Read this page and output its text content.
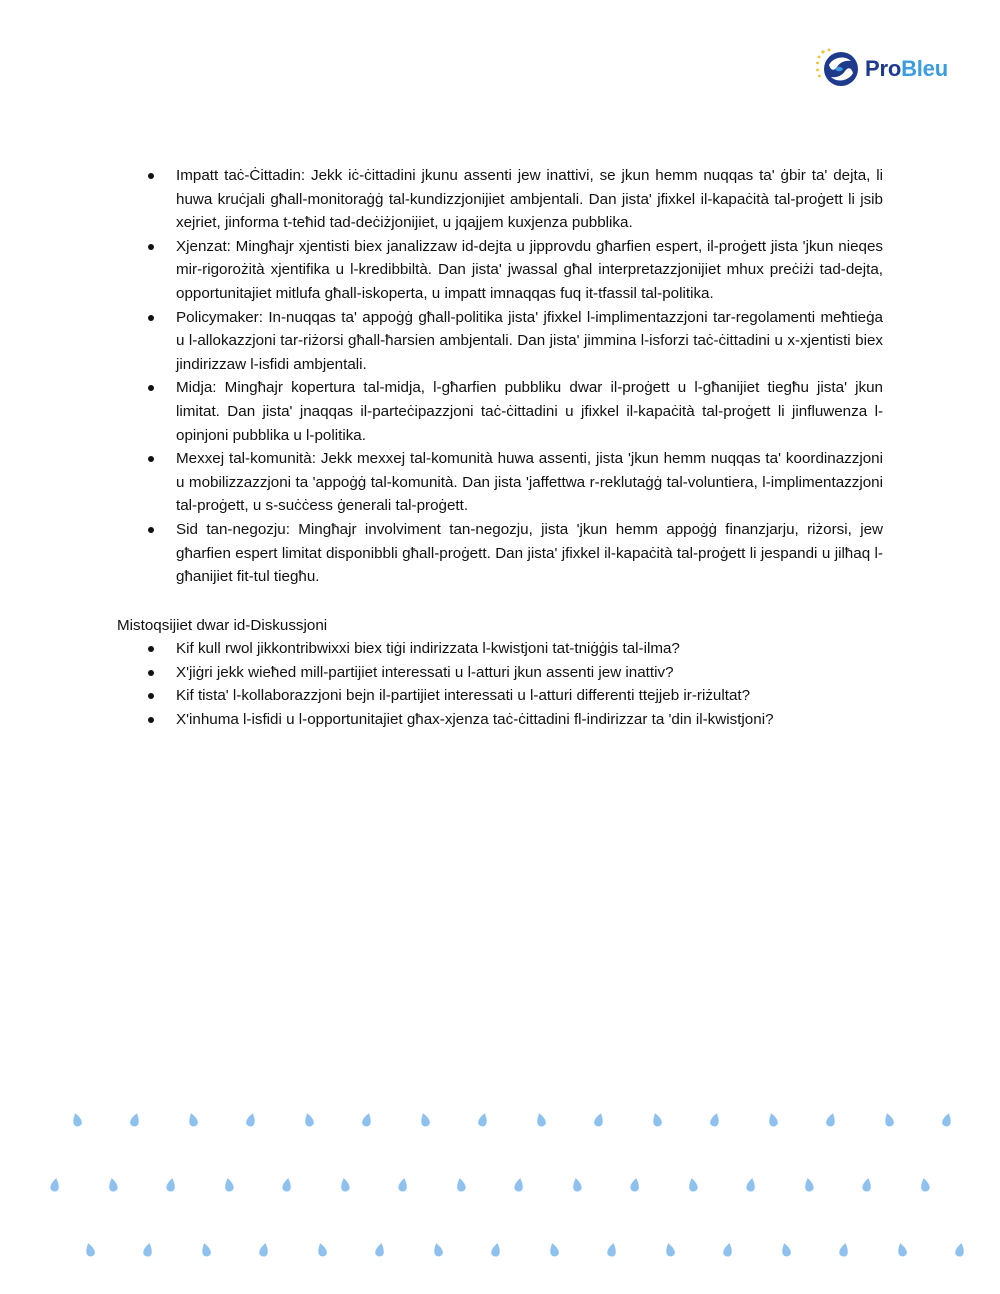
ProBleu
Impatt taċ-Ċittadin: Jekk iċ-ċittadini jkunu assenti jew inattivi, se jkun hemm nuqqas ta' ġbir ta' dejta, li huwa kruċjali għall-monitoraġġ tal-kundizzjonijiet ambjentali. Dan jista' jfixkel il-kapaċità tal-proġett li jsib xejriet, jinforma t-teħid tad-deċiżjonijiet, u jqajjem kuxjenza pubblika.
Xjenzat: Mingħajr xjentisti biex janalizzaw id-dejta u jipprovdu għarfien espert, il-proġett jista 'jkun nieqes mir-rigorożità xjentifika u l-kredibbiltà. Dan jista' jwassal għal interpretazzjonijiet mhux preċiżi tad-dejta, opportunitajiet mitlufa għall-iskoperta, u impatt imnaqqas fuq it-tfassil tal-politika.
Policymaker: In-nuqqas ta' appoġġ għall-politika jista' jfixkel l-implimentazzjoni tar-regolamenti meħtieġa u l-allokazzjoni tar-riżorsi għall-ħarsien ambjentali. Dan jista' jimmina l-isforzi taċ-ċittadini u x-xjentisti biex jindirizzaw l-isfidi ambjentali.
Midja: Mingħajr kopertura tal-midja, l-għarfien pubbliku dwar il-proġett u l-għanijiet tiegħu jista' jkun limitat. Dan jista' jnaqqas il-parteċipazzjoni taċ-ċittadini u jfixkel il-kapaċità tal-proġett li jinfluwenza l-opinjoni pubblika u l-politika.
Mexxej tal-komunità: Jekk mexxej tal-komunità huwa assenti, jista 'jkun hemm nuqqas ta' koordinazzjoni u mobilizzazzjoni ta 'appoġġ tal-komunità. Dan jista 'jaffettwa r-reklutaġġ tal-voluntiera, l-implimentazzjoni tal-proġett, u s-suċċess ġenerali tal-proġett.
Sid tan-negozju: Mingħajr involviment tan-negozju, jista 'jkun hemm appoġġ finanzjarju, riżorsi, jew għarfien espert limitat disponibbli għall-proġett. Dan jista' jfixkel il-kapaċità tal-proġett li jespandi u jilħaq l-għanijiet fit-tul tiegħu.

Mistoqsijiet dwar id-Diskussjoni

Kif kull rwol jikkontribwixxi biex tiġi indirizzata l-kwistjoni tat-tniġġis tal-ilma?
X'jiġri jekk wieħed mill-partijiet interessati u l-atturi jkun assenti jew inattiv?
Kif tista' l-kollaborazzjoni bejn il-partijiet interessati u l-atturi differenti ttejjeb ir-riżultat?
X'inhuma l-isfidi u l-opportunitajiet għax-xjenza taċ-ċittadini fl-indirizzar ta 'din il-kwistjoni?
